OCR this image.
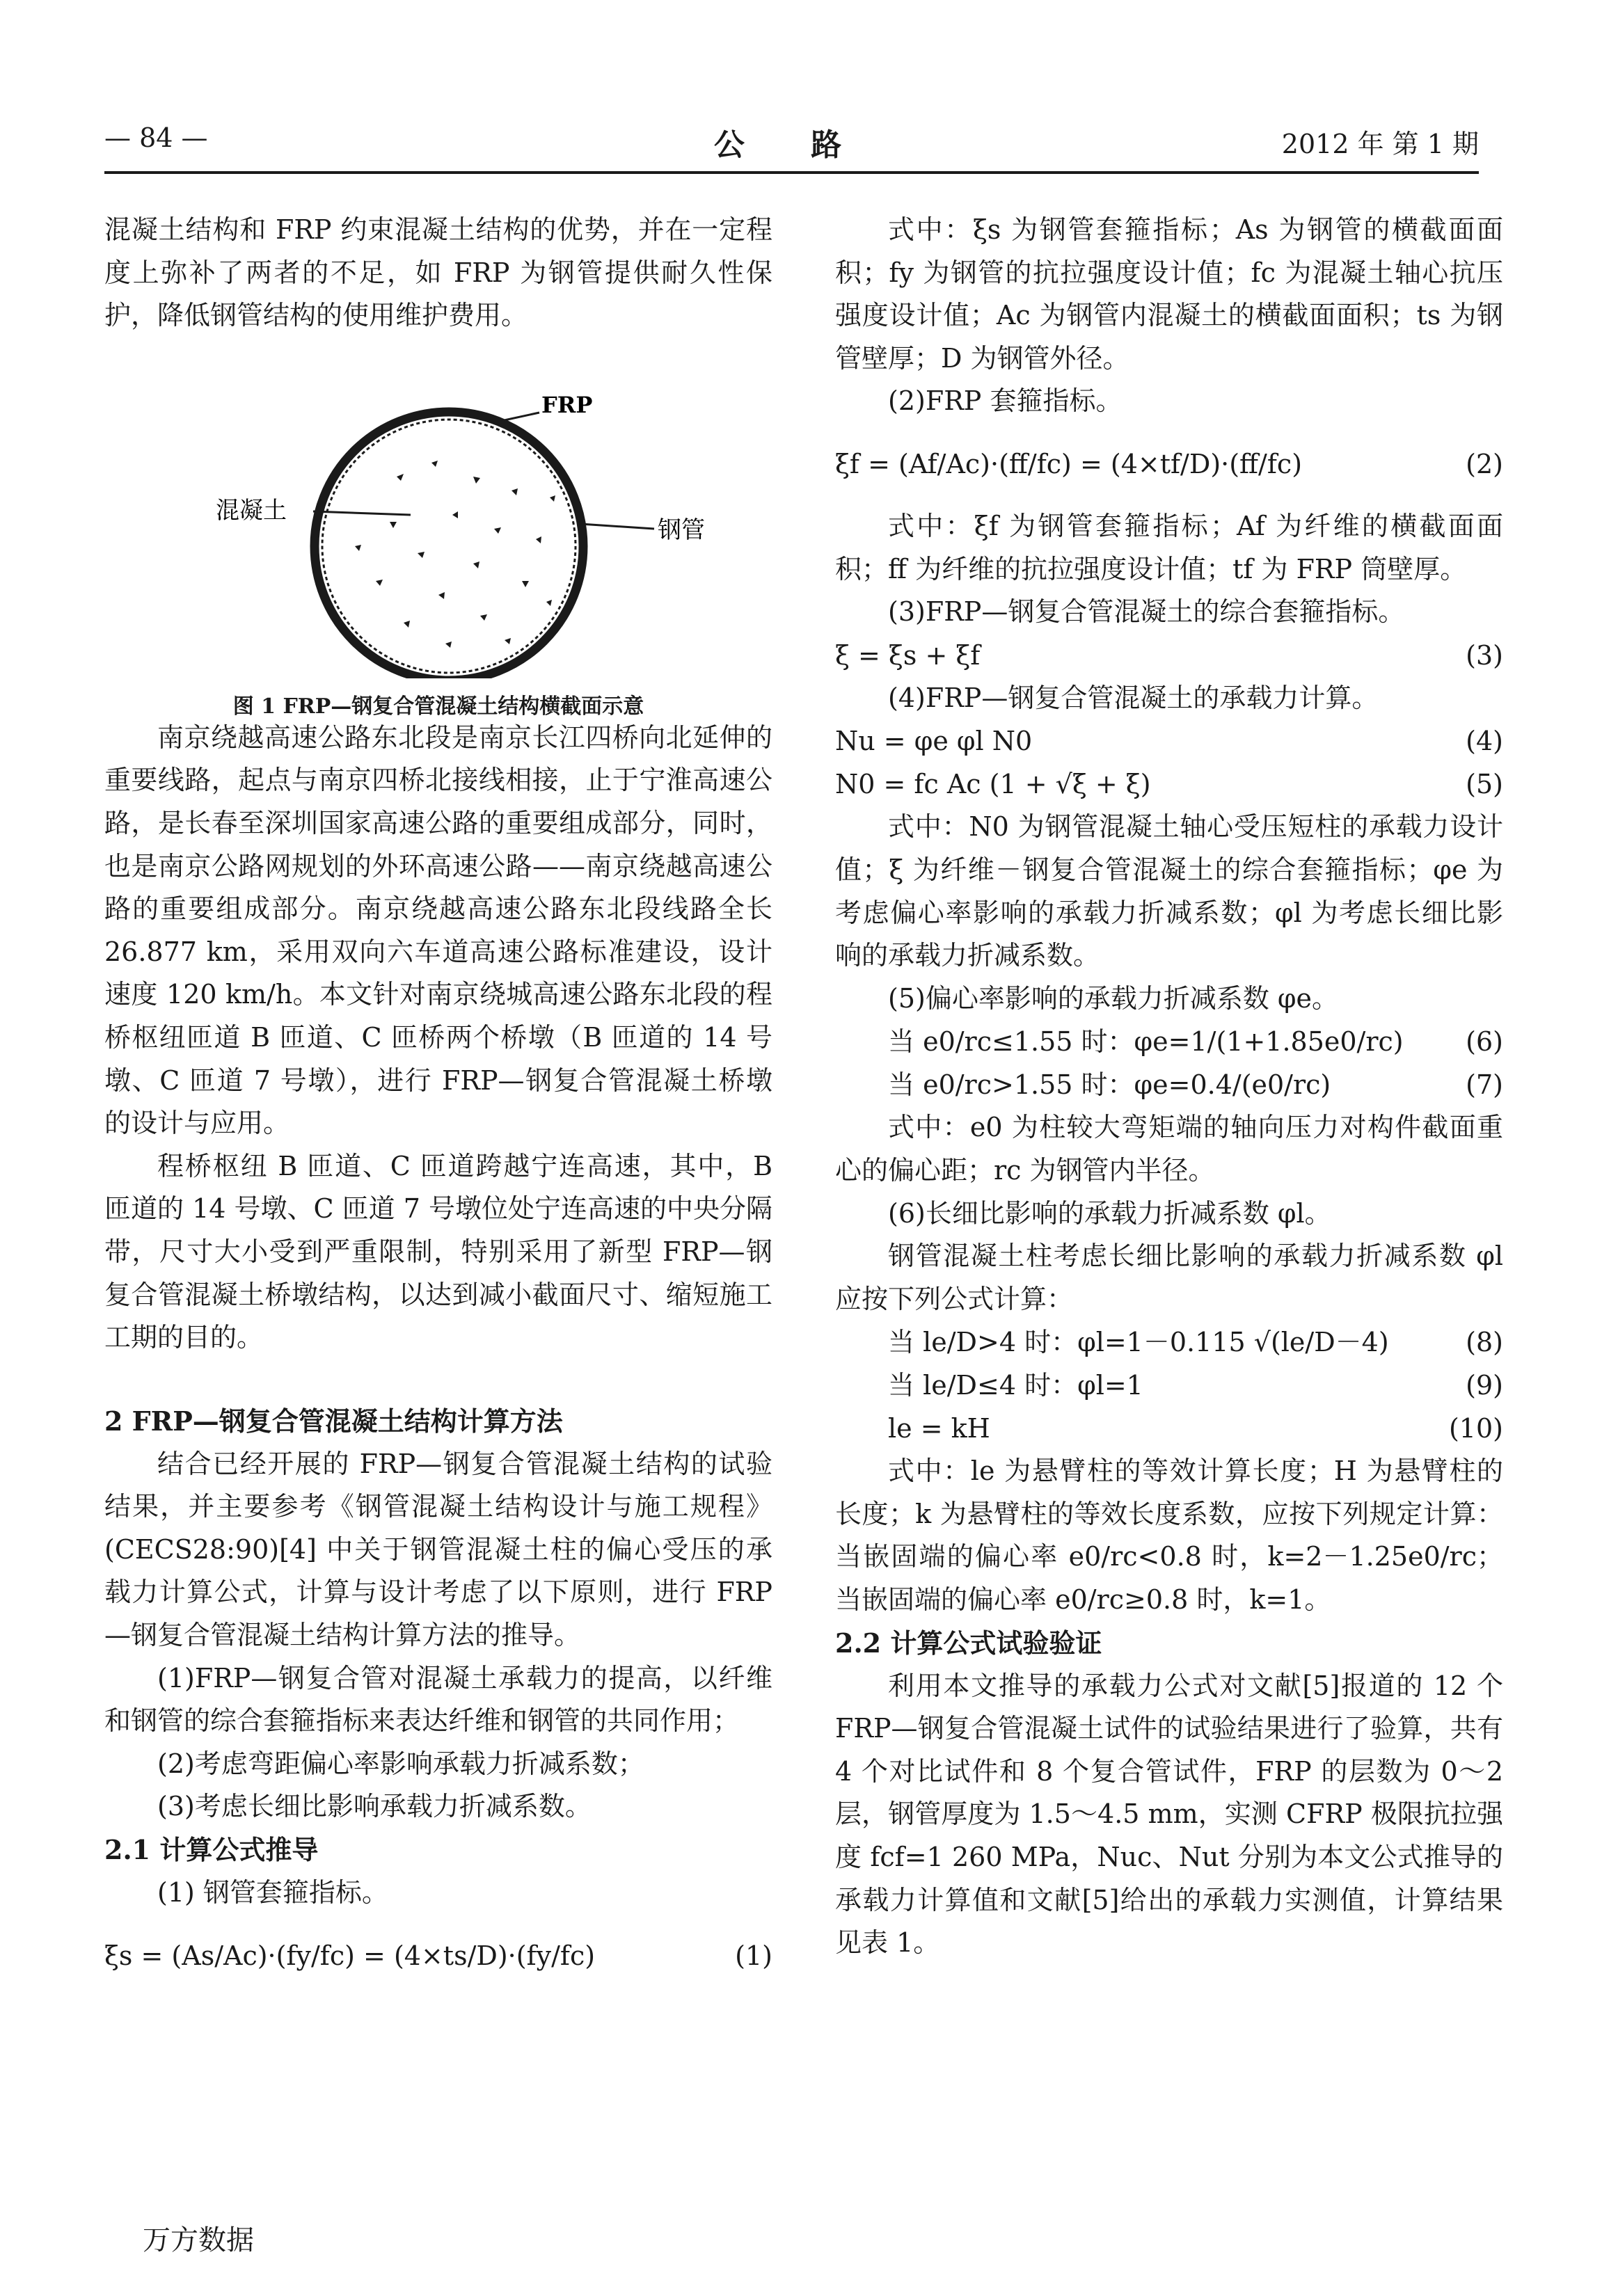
— 84 —	公 路	2012 年 第 1 期

混凝土结构和 FRP 约束混凝土结构的优势，并在一定程度上弥补了两者的不足，如 FRP 为钢管提供耐久性保护，降低钢管结构的使用维护费用。

FRP
混凝土
钢管
图 1 FRP—钢复合管混凝土结构横截面示意

南京绕越高速公路东北段是南京长江四桥向北延伸的重要线路，起点与南京四桥北接线相接，止于宁淮高速公路，是长春至深圳国家高速公路的重要组成部分，同时，也是南京公路网规划的外环高速公路——南京绕越高速公路的重要组成部分。南京绕越高速公路东北段线路全长 26.877 km，采用双向六车道高速公路标准建设，设计速度 120 km/h。本文针对南京绕城高速公路东北段的程桥枢纽匝道 B 匝道、C 匝桥两个桥墩（B 匝道的 14 号墩、C 匝道 7 号墩），进行 FRP—钢复合管混凝土桥墩的设计与应用。

程桥枢纽 B 匝道、C 匝道跨越宁连高速，其中，B 匝道的 14 号墩、C 匝道 7 号墩位处宁连高速的中央分隔带，尺寸大小受到严重限制，特别采用了新型 FRP—钢复合管混凝土桥墩结构，以达到减小截面尺寸、缩短施工工期的目的。

2 FRP—钢复合管混凝土结构计算方法

结合已经开展的 FRP—钢复合管混凝土结构的试验结果，并主要参考《钢管混凝土结构设计与施工规程》(CECS28:90)[4] 中关于钢管混凝土柱的偏心受压的承载力计算公式，计算与设计考虑了以下原则，进行 FRP—钢复合管混凝土结构计算方法的推导。

(1)FRP—钢复合管对混凝土承载力的提高，以纤维和钢管的综合套箍指标来表达纤维和钢管的共同作用；

(2)考虑弯距偏心率影响承载力折减系数；

(3)考虑长细比影响承载力折减系数。

2.1 计算公式推导

(1) 钢管套箍指标。

ξs = (As/Ac)·(fy/fc) = (4×ts/D)·(fy/fc)	(1)

式中：ξs 为钢管套箍指标；As 为钢管的横截面面积；fy 为钢管的抗拉强度设计值；fc 为混凝土轴心抗压强度设计值；Ac 为钢管内混凝土的横截面面积；ts 为钢管壁厚；D 为钢管外径。

(2)FRP 套箍指标。

ξf = (Af/Ac)·(ff/fc) = (4×tf/D)·(ff/fc)	(2)

式中：ξf 为钢管套箍指标；Af 为纤维的横截面面积；ff 为纤维的抗拉强度设计值；tf 为 FRP 筒壁厚。

(3)FRP—钢复合管混凝土的综合套箍指标。

ξ = ξs + ξf	(3)

(4)FRP—钢复合管混凝土的承载力计算。

Nu = φe φl N0	(4)
N0 = fc Ac (1 + √ξ + ξ)	(5)

式中：N0 为钢管混凝土轴心受压短柱的承载力设计值；ξ 为纤维－钢复合管混凝土的综合套箍指标；φe 为考虑偏心率影响的承载力折减系数；φl 为考虑长细比影响的承载力折减系数。

(5)偏心率影响的承载力折减系数 φe。

当 e0/rc≤1.55 时：φe=1/(1+1.85e0/rc) (6)
当 e0/rc>1.55 时：φe=0.4/(e0/rc)	(7)

式中：e0 为柱较大弯矩端的轴向压力对构件截面重心的偏心距；rc 为钢管内半径。

(6)长细比影响的承载力折减系数 φl。

钢管混凝土柱考虑长细比影响的承载力折减系数 φl 应按下列公式计算：

当 le/D>4 时：φl=1－0.115 √(le/D－4)	(8)
当 le/D≤4 时：φl=1	(9)
le = kH	(10)

式中：le 为悬臂柱的等效计算长度；H 为悬臂柱的长度；k 为悬臂柱的等效长度系数，应按下列规定计算：当嵌固端的偏心率 e0/rc<0.8 时，k=2－1.25e0/rc；当嵌固端的偏心率 e0/rc≥0.8 时，k=1。

2.2 计算公式试验验证

利用本文推导的承载力公式对文献[5]报道的 12 个 FRP—钢复合管混凝土试件的试验结果进行了验算，共有 4 个对比试件和 8 个复合管试件，FRP 的层数为 0～2 层，钢管厚度为 1.5～4.5 mm，实测 CFRP 极限抗拉强度 fcf=1 260 MPa，Nuc、Nut 分别为本文公式推导的承载力计算值和文献[5]给出的承载力实测值，计算结果见表 1。

万方数据
